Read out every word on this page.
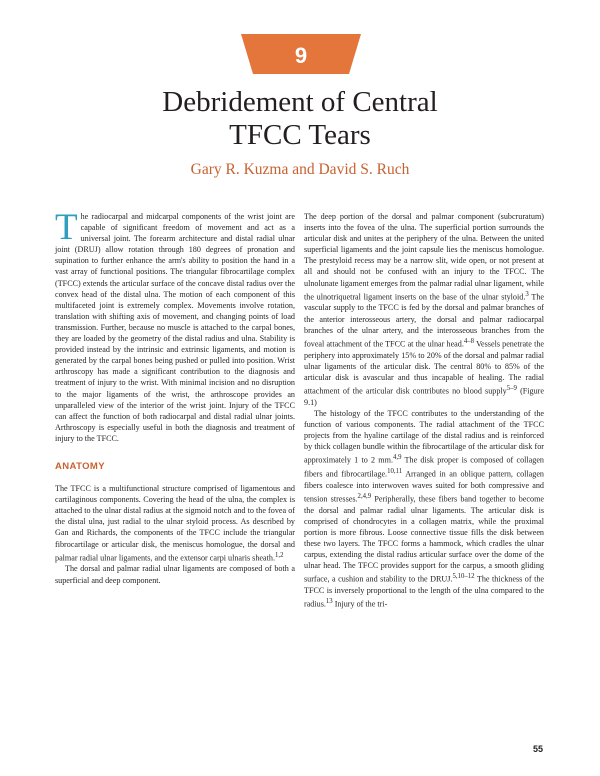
9
Debridement of Central
TFCC Tears
Gary R. Kuzma and David S. Ruch

The radiocarpal and midcarpal components of the wrist joint are capable of significant freedom of movement and act as a universal joint. The forearm architecture and distal radial ulnar joint (DRUJ) allow rotation through 180 degrees of pronation and supination to further enhance the arm's ability to position the hand in a vast array of functional positions. The triangular fibrocartilage complex (TFCC) extends the articular surface of the concave distal radius over the convex head of the distal ulna. The motion of each component of this multifaceted joint is extremely complex. Movements involve rotation, translation with shifting axis of movement, and changing points of load transmission. Further, because no muscle is attached to the carpal bones, they are loaded by the geometry of the distal radius and ulna. Stability is provided instead by the intrinsic and extrinsic ligaments, and motion is generated by the carpal bones being pushed or pulled into position. Wrist arthroscopy has made a significant contribution to the diagnosis and treatment of injury to the wrist. With minimal incision and no disruption to the major ligaments of the wrist, the arthroscope provides an unparalleled view of the interior of the wrist joint. Injury of the TFCC can affect the function of both radiocarpal and distal radial ulnar joints. Arthroscopy is especially useful in both the diagnosis and treatment of injury to the TFCC.

ANATOMY

The TFCC is a multifunctional structure comprised of ligamentous and cartilaginous components. Covering the head of the ulna, the complex is attached to the ulnar distal radius at the sigmoid notch and to the fovea of the distal ulna, just radial to the ulnar styloid process. As described by Gan and Richards, the components of the TFCC include the triangular fibrocartilage or articular disk, the meniscus homologue, the dorsal and palmar radial ulnar ligaments, and the extensor carpi ulnaris sheath.$^{1,2}$

The dorsal and palmar radial ulnar ligaments are composed of both a superficial and deep component.

The deep portion of the dorsal and palmar component (subcruratum) inserts into the fovea of the ulna. The superficial portion surrounds the articular disk and unites at the periphery of the ulna. Between the united superficial ligaments and the joint capsule lies the meniscus homologue. The prestyloid recess may be a narrow slit, wide open, or not present at all and should not be confused with an injury to the TFCC. The ulnolunate ligament emerges from the palmar radial ulnar ligament, while the ulnotriquetral ligament inserts on the base of the ulnar styloid.$^3$ The vascular supply to the TFCC is fed by the dorsal and palmar branches of the anterior interosseous artery, the dorsal and palmar radiocarpal branches of the ulnar artery, and the interosseous branches from the foveal attachment of the TFCC at the ulnar head.$^{4-8}$ Vessels penetrate the periphery into approximately 15% to 20% of the dorsal and palmar radial ulnar ligaments of the articular disk. The central 80% to 85% of the articular disk is avascular and thus incapable of healing. The radial attachment of the articular disk contributes no blood supply$^{5-9}$ (Figure 9.1)

The histology of the TFCC contributes to the understanding of the function of various components. The radial attachment of the TFCC projects from the hyaline cartilage of the distal radius and is reinforced by thick collagen bundle within the fibrocartilage of the articular disk for approximately 1 to 2 mm.$^{4,9}$ The disk proper is composed of collagen fibers and fibrocartilage.$^{10,11}$ Arranged in an oblique pattern, collagen fibers coalesce into interwoven waves suited for both compressive and tension stresses.$^{2,4,9}$ Peripherally, these fibers band together to become the dorsal and palmar radial ulnar ligaments. The articular disk is comprised of chondrocytes in a collagen matrix, while the proximal portion is more fibrous. Loose connective tissue fills the disk between these two layers. The TFCC forms a hammock, which cradles the ulnar carpus, extending the distal radius articular surface over the dome of the ulnar head. The TFCC provides support for the carpus, a smooth gliding surface, a cushion and stability to the DRUJ.$^{5,10-12}$ The thickness of the TFCC is inversely proportional to the length of the ulna compared to the radius.$^{13}$ Injury of the tri-

55
